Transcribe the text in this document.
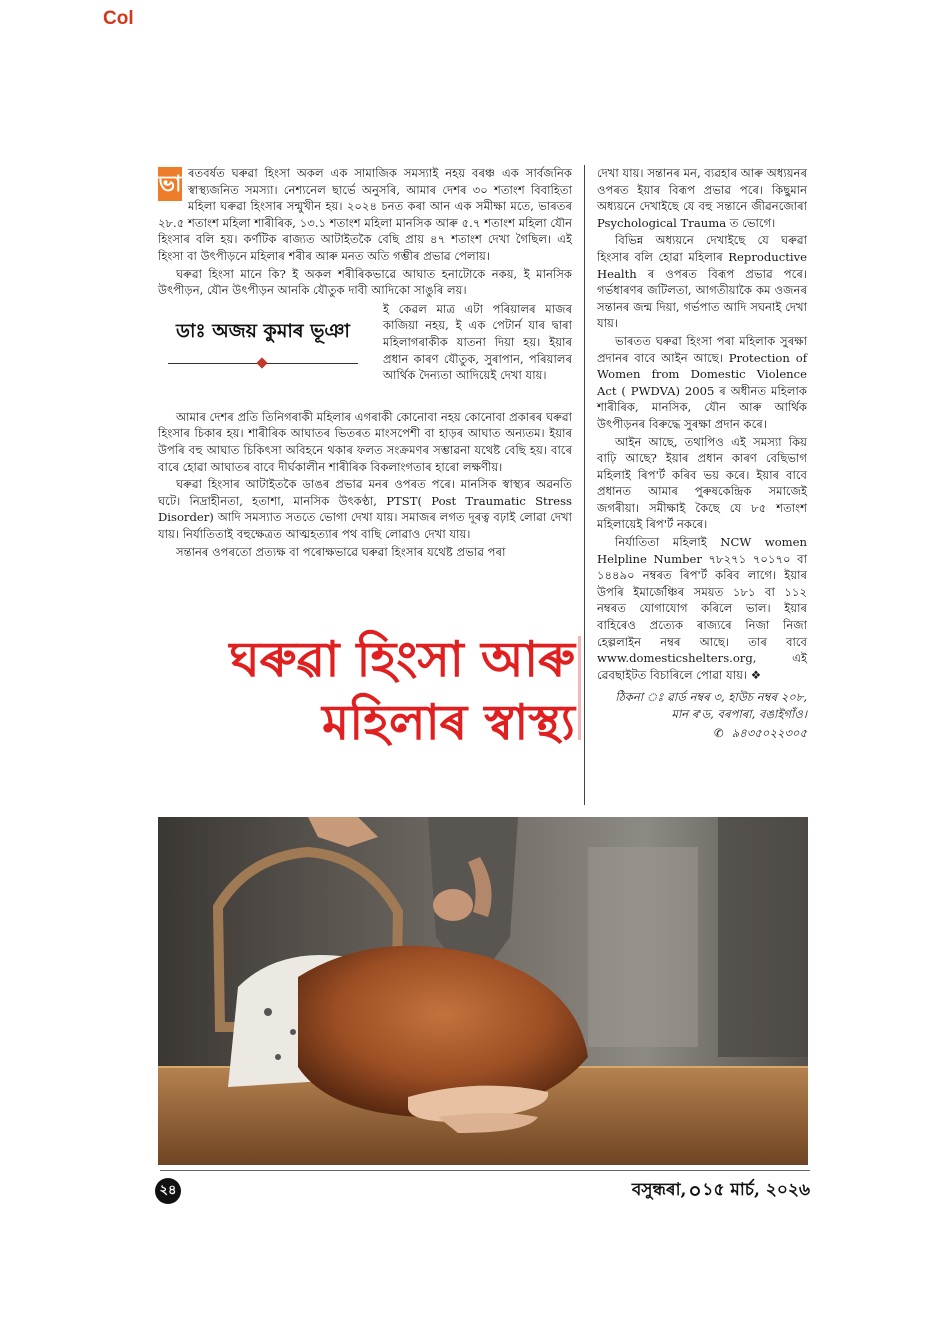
Col
ভা ৰতবৰ্ষত ঘৰুৱা হিংসা অকল এক সামাজিক সমস্যাই নহয় বৰঞ্চ এক সাৰ্বজনিক স্বাস্থ্যজনিত সমস্যা। নেশ্যনেল ছাৰ্ভে অনুসৰি, আমাৰ দেশৰ ৩০ শতাংশ বিবাহিতা মহিলা ঘৰুৱা হিংসাৰ সন্মুখীন হয়। ২০২৪ চনত কৰা আন এক সমীক্ষা মতে, ভাৰতৰ ২৮.৫ শতাংশ মহিলা শাৰীৰিক, ১৩.১ শতাংশ মহিলা মানসিক আৰু ৫.৭ শতাংশ মহিলা যৌন হিংসাৰ বলি হয়। কৰ্ণটিক ৰাজ্যত আটাইতকৈ বেছি প্ৰায় ৪৭ শতাংশ দেখা গৈছিল। এই হিংসা বা উৎপীড়নে মহিলাৰ শৰীৰ আৰু মনত অতি গম্ভীৰ প্ৰভাৱ পেলায়।

ঘৰুৱা হিংসা মানে কি? ই অকল শৰীৰিকভাৱে আঘাত হনাটোকে নকয়, ই মানসিক উৎপীড়ন, যৌন উৎপীড়ন আনকি যৌতুক দাবী আদিকো সাঙুৰি লয়।

ডাঃ অজয় কুমাৰ ভূঞা

ই কেৱল মাত্ৰ এটা পৰিয়ালৰ মাজৰ কাজিয়া নহয়, ই এক পেটাৰ্ন যাৰ দ্বাৰা মহিলাগৰাকীক যাতনা দিয়া হয়। ইয়াৰ প্ৰধান কাৰণ যৌতুক, সুৰাপান, পৰিয়ালৰ আৰ্থিক দৈন্যতা আদিয়েই দেখা যায়।

আমাৰ দেশৰ প্ৰতি তিনিগৰাকী মহিলাৰ এগৰাকী কোনোবা নহয় কোনোবা প্ৰকাৰৰ ঘৰুৱা হিংসাৰ চিকাৰ হয়। শাৰীৰিক আঘাতৰ ভিতৰত মাংসপেশী বা হাড়ৰ আঘাত অন্যতম। ইয়াৰ উপৰি বহু আঘাত চিকিৎসা অবিহনে থকাৰ ফলত সংক্ৰমণৰ সম্ভাৱনা যথেষ্ট বেছি হয়। বাৰে বাৰে হোৱা আঘাতৰ বাবে দীৰ্ঘকালীন শাৰীৰিক বিকলাংগতাৰ হাৰো লক্ষণীয়।

ঘৰুৱা হিংসাৰ আটাইতকৈ ডাঙৰ প্ৰভাৱ মনৰ ওপৰত পৰে। মানসিক স্বাস্থ্যৰ অৱনতি ঘটে। নিদ্ৰাহীনতা, হতাশা, মানসিক উৎকণ্ঠা, PTST( Post Traumatic Stress Disorder) আদি সমস্যাত সততে ভোগা দেখা যায়। সমাজৰ লগত দূৰত্ব বঢ়াই লোৱা দেখা যায়। নিৰ্যাতিতাই বহুক্ষেত্ৰত আত্মহত্যাৰ পথ বাছি লোৱাও দেখা যায়।

সন্তানৰ ওপৰতো প্ৰত্যক্ষ বা পৰোক্ষভাৱে ঘৰুৱা হিংসাৰ যথেষ্ট প্ৰভাৱ পৰা

দেখা যায়। সন্তানৰ মন, ব্যৱহাৰ আৰু অধ্যয়নৰ ওপৰত ইয়াৰ বিৰূপ প্ৰভাৱ পৰে। কিছুমান অধ্যয়নে দেখাইছে যে বহু সন্তানে জীৱনজোৰা Psychological Trauma ত ভোগে।

বিভিন্ন অধ্যয়নে দেখাইছে যে ঘৰুৱা হিংসাৰ বলি হোৱা মহিলাৰ Reproductive Health ৰ ওপৰত বিৰূপ প্ৰভাৱ পৰে। গৰ্ভধাৰণৰ জটিলতা, আগতীয়াকৈ কম ওজনৰ সন্তানৰ জন্ম দিয়া, গৰ্ভপাত আদি সঘনাই দেখা যায়।

ভাৰতত ঘৰুৱা হিংসা পৰা মহিলাক সুৰক্ষা প্ৰদানৰ বাবে আইন আছে। Protection of Women from Domestic Violence Act ( PWDVA) 2005 ৰ অধীনত মহিলাক শাৰীৰিক, মানসিক, যৌন আৰু আৰ্থিক উৎপীড়নৰ বিৰুদ্ধে সুৰক্ষা প্ৰদান কৰে।

আইন আছে, তথাপিও এই সমস্যা কিয় বাঢ়ি আছে? ইয়াৰ প্ৰধান কাৰণ বেছিভাগ মহিলাই ৰিপ'ৰ্ট কৰিব ভয় কৰে। ইয়াৰ বাবে প্ৰধানত আমাৰ পুৰুষকেন্দ্ৰিক সমাজেই জগৰীয়া। সমীক্ষাই কৈছে যে ৮৫ শতাংশ মহিলায়েই ৰিপ'ৰ্ট নকৰে।

নিৰ্যাতিতা মহিলাই NCW women Helpline Number ৭৮২৭১ ৭০১৭০ বা ১৪৪৯০ নম্বৰত ৰিপ'ৰ্ট কৰিব লাগে। ইয়াৰ উপৰি ইমাৰ্জেঞ্চিৰ সময়ত ১৮১ বা ১১২ নম্বৰত যোগাযোগ কৰিলে ভাল। ইয়াৰ বাহিৰেও প্ৰত্যেক ৰাজ্যৰে নিজা নিজা হেল্পলাইন নম্বৰ আছে। তাৰ বাবে www.domesticshelters.org, এই ৱেবছাইটত বিচাৰিলে পোৱা যায়। ❖

ঠিকনা ঃ ৱাৰ্ড নম্বৰ ৩, হাউচ নম্বৰ ২০৮,
মান ৰ'ড, বৰপাৰা, বঙাইগাঁও।
✆ ৯৪৩৫০২২৩০৫
ঘৰুৱা হিংসা আৰু
মহিলাৰ স্বাস্থ্য
২৪	বসুন্ধৰা, ১৫ মাৰ্চ, ২০২৬
